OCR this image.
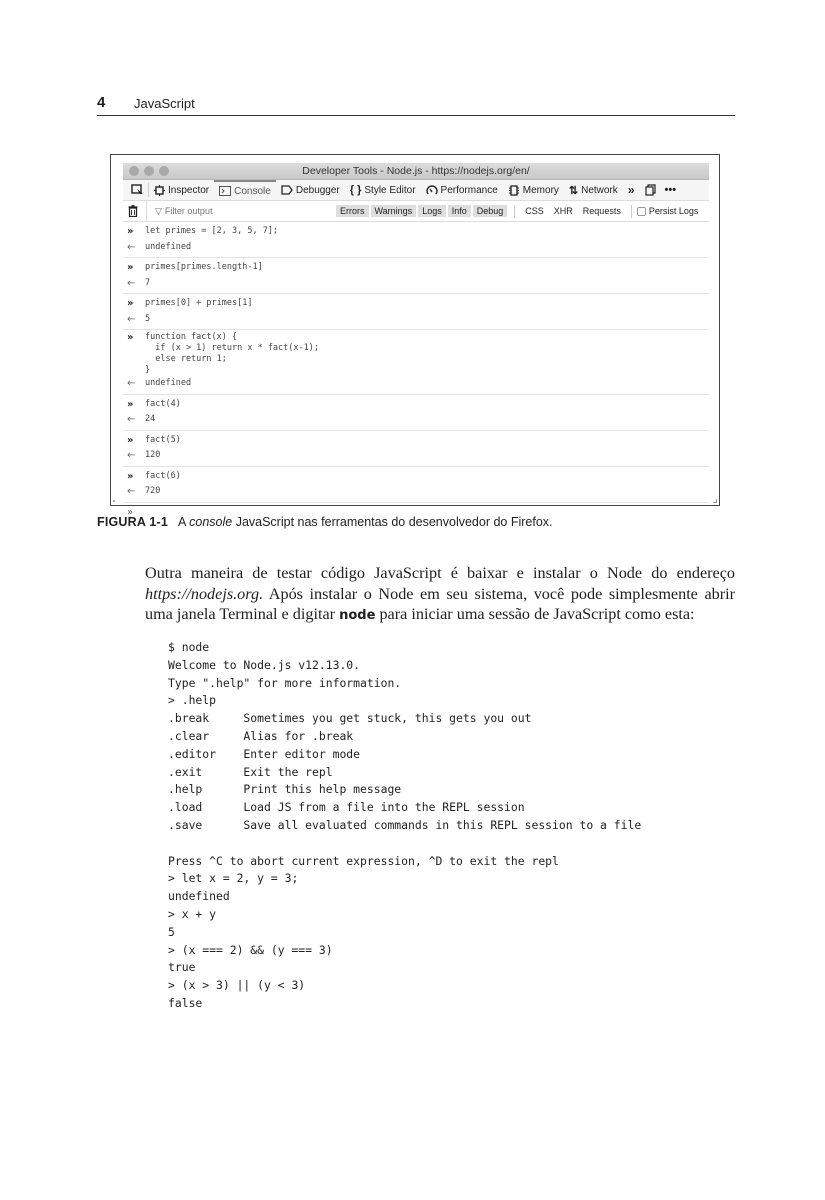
4 JavaScript
Developer Tools - Node.js - https://nodejs.org/en/
Inspector	Console	Debugger { } Style Editor	Performance	Memory ⇅ Network »	•••
▽ Filter output	Errors	Warnings	Logs	Info	Debug	CSS XHR Requests	Persist Logs
»	let primes = [2, 3, 5, 7];
←	undefined
»	primes[primes.length-1]
←	7
»	primes[0] + primes[1]
←	5
»	function fact(x) {
if (x > 1) return x * fact(x-1);
else return 1;
}
←	undefined
»	fact(4)
←	24
»	fact(5)
←	120
»	fact(6)
←	720
»
FIGURA 1-1 A console JavaScript nas ferramentas do desenvolvedor do Firefox.

Outra maneira de testar código JavaScript é baixar e instalar o Node do endereço https://nodejs.org. Após instalar o Node em seu sistema, você pode simplesmente abrir uma janela Terminal e digitar node para iniciar uma sessão de JavaScript como esta:

$ node
Welcome to Node.js v12.13.0.
Type ".help" for more information.
> .help
.break     Sometimes you get stuck, this gets you out
.clear     Alias for .break
.editor    Enter editor mode
.exit      Exit the repl
.help      Print this help message
.load      Load JS from a file into the REPL session
.save      Save all evaluated commands in this REPL session to a file
Press ^C to abort current expression, ^D to exit the repl
> let x = 2, y = 3;
undefined
> x + y
5
> (x === 2) && (y === 3)
true
> (x > 3) || (y < 3)
false
